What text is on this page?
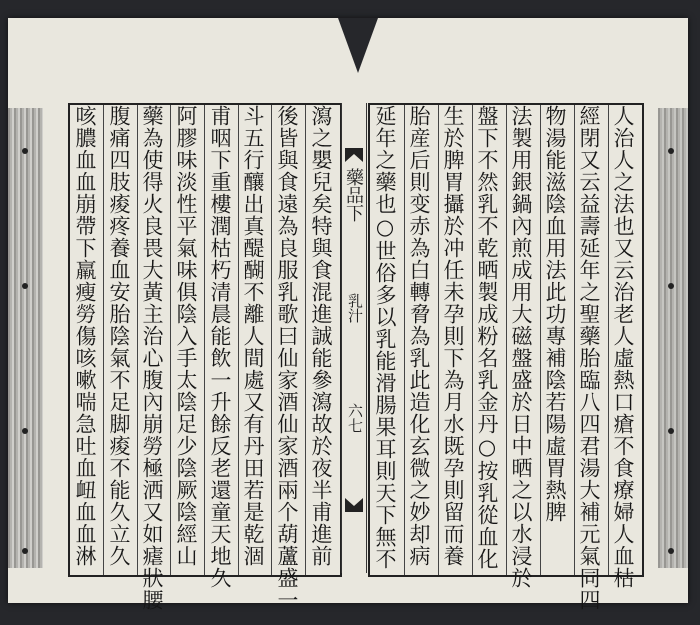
瀉之嬰兒矣特與食混進誠能參瀉故於夜半甫進前
後皆與食遠為良服乳歌曰仙家酒仙家酒兩个葫蘆盛一
斗五行釀出真醍醐不離人間處又有丹田若是乾涸
甫咽下重樓潤枯朽清晨能飲一升餘反老還童天地久
阿膠味淡性平氣味俱陰入手太陰足少陰厥陰經山
藥為使得火良畏大黃主治心腹內崩勞極洒又如瘧狀腰
腹痛四肢痠疼養血安胎陰氣不足脚痠不能久立久
咳膿血血崩帶下羸瘦勞傷咳嗽喘急吐血衄血血淋	藥品下
乳汁
六七	人治人之法也又云治老人虛熱口瘡不食療婦人血枯
經閉又云益壽延年之聖藥胎臨八四君湯大補元氣同四
物湯能滋陰血用法此功專補陰若陽虛胃熱脾
法製用銀鍋內煎成用大磁盤盛於日中晒之以水浸於
盤下不然乳不乾晒製成粉名乳金丹○按乳從血化
生於脾胃攝於冲任未孕則下為月水既孕則留而養
胎産后則变赤為白轉脅為乳此造化玄微之妙却病
延年之藥也○世俗多以乳能滑腸果耳則天下無不
